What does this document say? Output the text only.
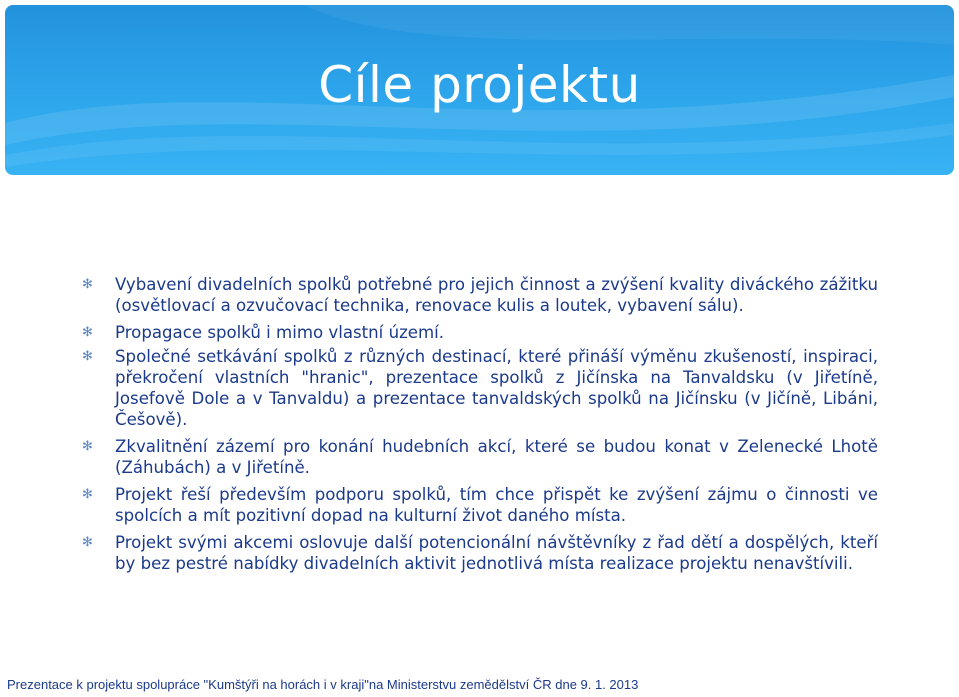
Cíle projektu
✻ Vybavení divadelních spolků potřebné pro jejich činnost a zvýšení kvality diváckého zážitku (osvětlovací a ozvučovací technika, renovace kulis a loutek, vybavení sálu).
✻ Propagace spolků i mimo vlastní území.
✻ Společné setkávání spolků z různých destinací, které přináší výměnu zkušeností, inspiraci, překročení vlastních "hranic", prezentace spolků z Jičínska na Tanvaldsku (v Jiřetíně, Josefově Dole a v Tanvaldu) a prezentace tanvaldských spolků na Jičínsku (v Jičíně, Libáni, Češově).
✻ Zkvalitnění zázemí pro konání hudebních akcí, které se budou konat v Zelenecké Lhotě (Záhubách) a v Jiřetíně.
✻ Projekt řeší především podporu spolků, tím chce přispět ke zvýšení zájmu o činnosti ve spolcích a mít pozitivní dopad na kulturní život daného místa.
✻ Projekt svými akcemi oslovuje další potencionální návštěvníky z řad dětí a dospělých, kteří by bez pestré nabídky divadelních aktivit jednotlivá místa realizace projektu nenavštívili.
Prezentace k projektu spolupráce "Kumštýři na horách i v kraji"na Ministerstvu zemědělství ČR dne 9. 1. 2013
